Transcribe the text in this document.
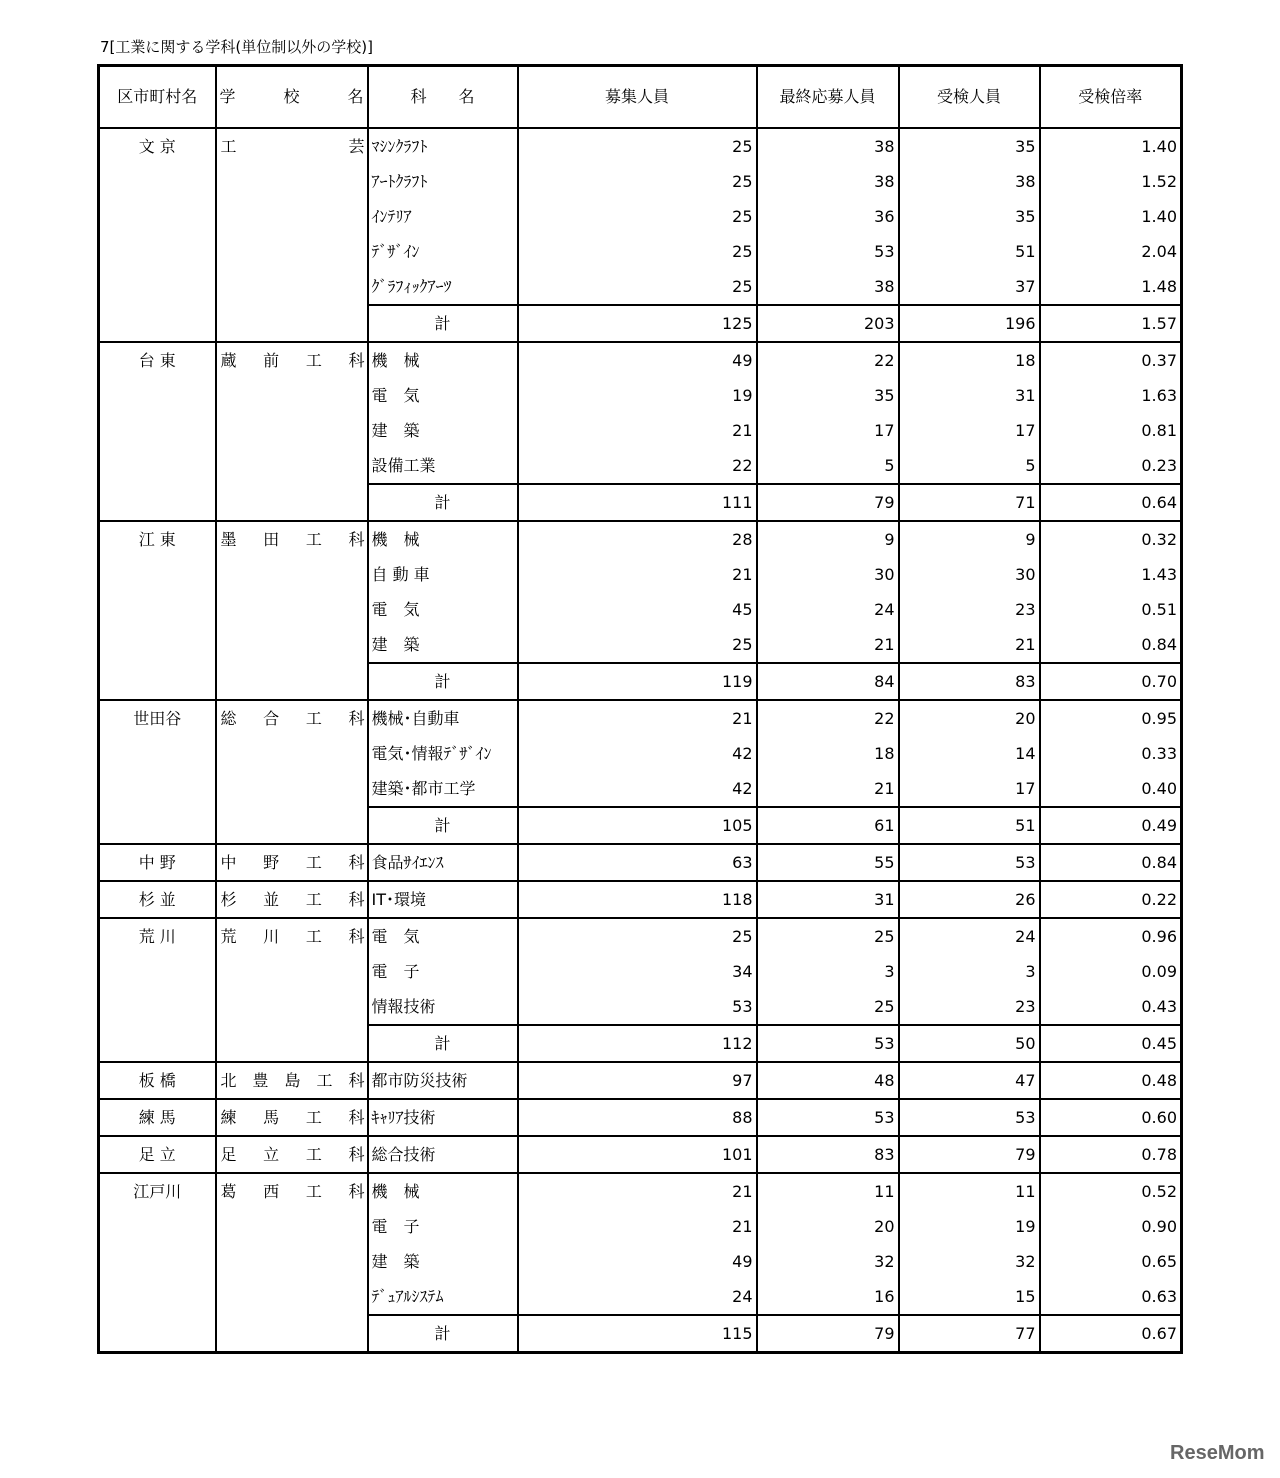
7[工業に関する学科(単位制以外の学校)]
区市町村名	学校名	科　　名	募集人員	最終応募人員	受検人員	受検倍率
文 京	工芸	ﾏｼﾝｸﾗﾌﾄ	25	38	35	1.40
		ｱｰﾄｸﾗﾌﾄ	25	38	38	1.52
		ｲﾝﾃﾘｱ	25	36	35	1.40
		ﾃﾞｻﾞｲﾝ	25	53	51	2.04
		ｸﾞﾗﾌｨｯｸｱｰﾂ	25	38	37	1.48
		計	125	203	196	1.57
台 東	蔵前工科	機　械	49	22	18	0.37
		電　気	19	35	31	1.63
		建　築	21	17	17	0.81
		設備工業	22	5	5	0.23
		計	111	79	71	0.64
江 東	墨田工科	機　械	28	9	9	0.32
		自 動 車	21	30	30	1.43
		電　気	45	24	23	0.51
		建　築	25	21	21	0.84
		計	119	84	83	0.70
世田谷	総合工科	機械･自動車	21	22	20	0.95
		電気･情報ﾃﾞｻﾞｲﾝ	42	18	14	0.33
		建築･都市工学	42	21	17	0.40
		計	105	61	51	0.49
中 野	中野工科	食品ｻｲｴﾝｽ	63	55	53	0.84
杉 並	杉並工科	IT･環境	118	31	26	0.22
荒 川	荒川工科	電　気	25	25	24	0.96
		電　子	34	3	3	0.09
		情報技術	53	25	23	0.43
		計	112	53	50	0.45
板 橋	北豊島工科	都市防災技術	97	48	47	0.48
練 馬	練馬工科	ｷｬﾘｱ技術	88	53	53	0.60
足 立	足立工科	総合技術	101	83	79	0.78
江戸川	葛西工科	機　械	21	11	11	0.52
		電　子	21	20	19	0.90
		建　築	49	32	32	0.65
		ﾃﾞｭｱﾙｼｽﾃﾑ	24	16	15	0.63
		計	115	79	77	0.67
ReseMom
